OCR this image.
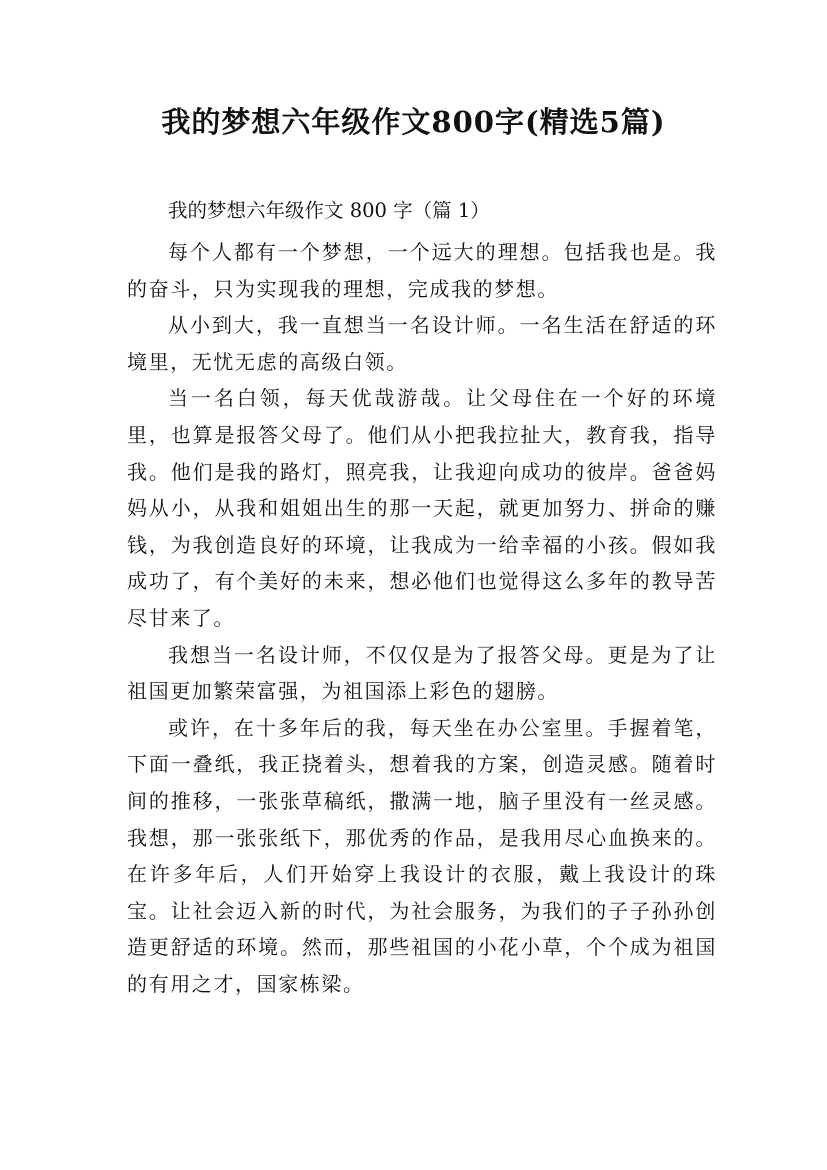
我的梦想六年级作文800字(精选5篇)
我的梦想六年级作文 800 字（篇 1）

每个人都有一个梦想，一个远大的理想。包括我也是。我的奋斗，只为实现我的理想，完成我的梦想。

从小到大，我一直想当一名设计师。一名生活在舒适的环境里，无忧无虑的高级白领。

当一名白领，每天优哉游哉。让父母住在一个好的环境里，也算是报答父母了。他们从小把我拉扯大，教育我，指导我。他们是我的路灯，照亮我，让我迎向成功的彼岸。爸爸妈妈从小，从我和姐姐出生的那一天起，就更加努力、拼命的赚钱，为我创造良好的环境，让我成为一给幸福的小孩。假如我成功了，有个美好的未来，想必他们也觉得这么多年的教导苦尽甘来了。

我想当一名设计师，不仅仅是为了报答父母。更是为了让祖国更加繁荣富强，为祖国添上彩色的翅膀。

或许，在十多年后的我，每天坐在办公室里。手握着笔，下面一叠纸，我正挠着头，想着我的方案，创造灵感。随着时间的推移，一张张草稿纸，撒满一地，脑子里没有一丝灵感。我想，那一张张纸下，那优秀的作品，是我用尽心血换来的。在许多年后，人们开始穿上我设计的衣服，戴上我设计的珠宝。让社会迈入新的时代，为社会服务，为我们的子子孙孙创造更舒适的环境。然而，那些祖国的小花小草，个个成为祖国的有用之才，国家栋梁。
